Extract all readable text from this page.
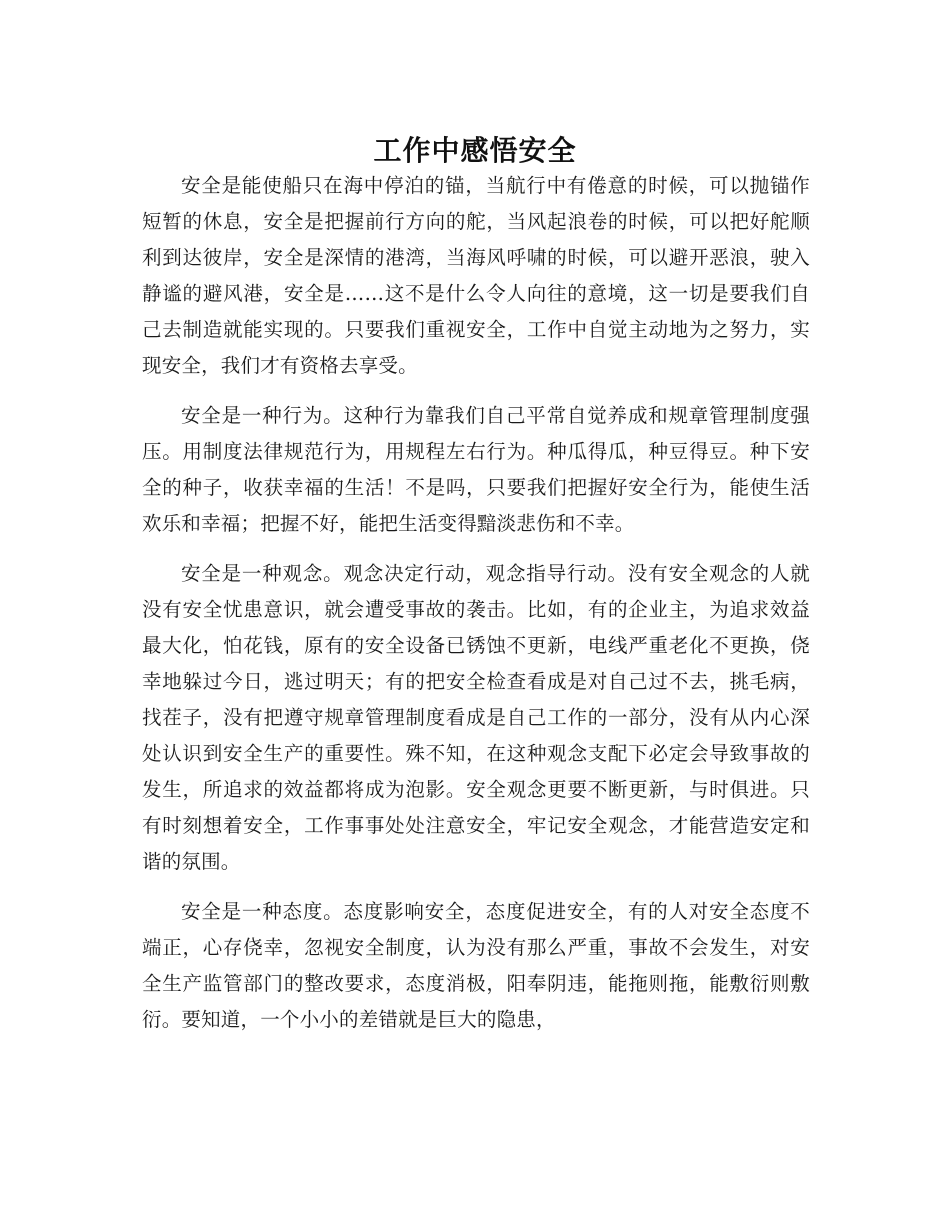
工作中感悟安全

安全是能使船只在海中停泊的锚，当航行中有倦意的时候，可以抛锚作短暂的休息，安全是把握前行方向的舵，当风起浪卷的时候，可以把好舵顺利到达彼岸，安全是深情的港湾，当海风呼啸的时候，可以避开恶浪，驶入静谧的避风港，安全是……这不是什么令人向往的意境，这一切是要我们自己去制造就能实现的。只要我们重视安全，工作中自觉主动地为之努力，实现安全，我们才有资格去享受。

安全是一种行为。这种行为靠我们自己平常自觉养成和规章管理制度强压。用制度法律规范行为，用规程左右行为。种瓜得瓜，种豆得豆。种下安全的种子，收获幸福的生活！不是吗，只要我们把握好安全行为，能使生活欢乐和幸福；把握不好，能把生活变得黯淡悲伤和不幸。

安全是一种观念。观念决定行动，观念指导行动。没有安全观念的人就没有安全忧患意识，就会遭受事故的袭击。比如，有的企业主，为追求效益最大化，怕花钱，原有的安全设备已锈蚀不更新，电线严重老化不更换，侥幸地躲过今日，逃过明天；有的把安全检查看成是对自己过不去，挑毛病，找茬子，没有把遵守规章管理制度看成是自己工作的一部分，没有从内心深处认识到安全生产的重要性。殊不知，在这种观念支配下必定会导致事故的发生，所追求的效益都将成为泡影。安全观念更要不断更新，与时俱进。只有时刻想着安全，工作事事处处注意安全，牢记安全观念，才能营造安定和谐的氛围。

安全是一种态度。态度影响安全，态度促进安全，有的人对安全态度不端正，心存侥幸，忽视安全制度，认为没有那么严重，事故不会发生，对安全生产监管部门的整改要求，态度消极，阳奉阴违，能拖则拖，能敷衍则敷衍。要知道，一个小小的差错就是巨大的隐患，
